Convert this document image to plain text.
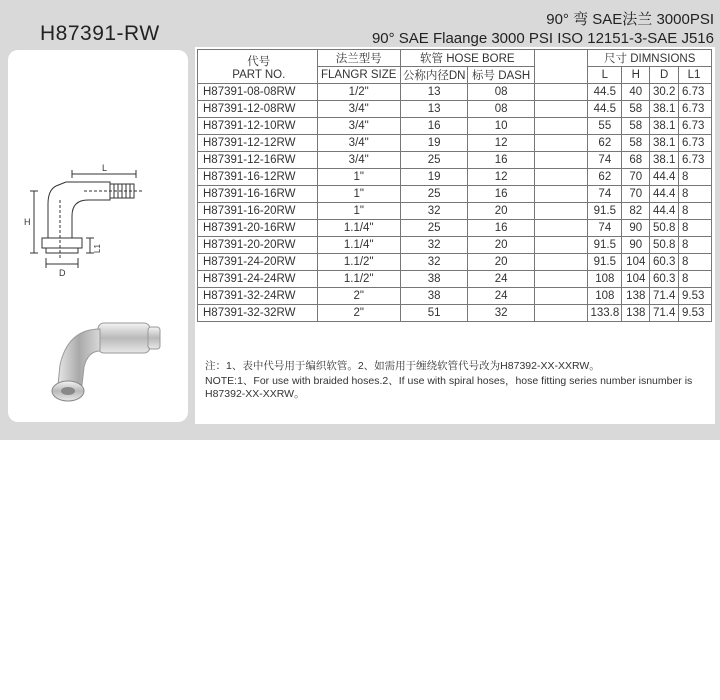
H87391-RW
90° 弯 SAE法兰 3000PSI
90° SAE Flaange 3000 PSI ISO 12151-3-SAE J516
L
H
D
L1
代号
PART NO.	法兰型号	软管 HOSE BORE			尺寸 DIMNSIONS			
	FLANGR SIZE	公称内径DN	标号 DASH		L	H	D	L1
H87391-08-08RW	1/2"	13	08		44.5	40	30.2	6.73
H87391-12-08RW	3/4"	13	08		44.5	58	38.1	6.73
H87391-12-10RW	3/4"	16	10		55	58	38.1	6.73
H87391-12-12RW	3/4"	19	12		62	58	38.1	6.73
H87391-12-16RW	3/4"	25	16		74	68	38.1	6.73
H87391-16-12RW	1"	19	12		62	70	44.4	8
H87391-16-16RW	1"	25	16		74	70	44.4	8
H87391-16-20RW	1"	32	20		91.5	82	44.4	8
H87391-20-16RW	1.1/4"	25	16		74	90	50.8	8
H87391-20-20RW	1.1/4"	32	20		91.5	90	50.8	8
H87391-24-20RW	1.1/2"	32	20		91.5	104	60.3	8
H87391-24-24RW	1.1/2"	38	24		108	104	60.3	8
H87391-32-24RW	2"	38	24		108	138	71.4	9.53
H87391-32-32RW	2"	51	32		133.8	138	71.4	9.53
注：1、表中代号用于编织软管。2、如需用于缠绕软管代号改为H87392-XX-XXRW。
NOTE:1、For use with braided hoses.2、If use with spiral hoses，hose fitting series number isnumber is H87392-XX-XXRW。
